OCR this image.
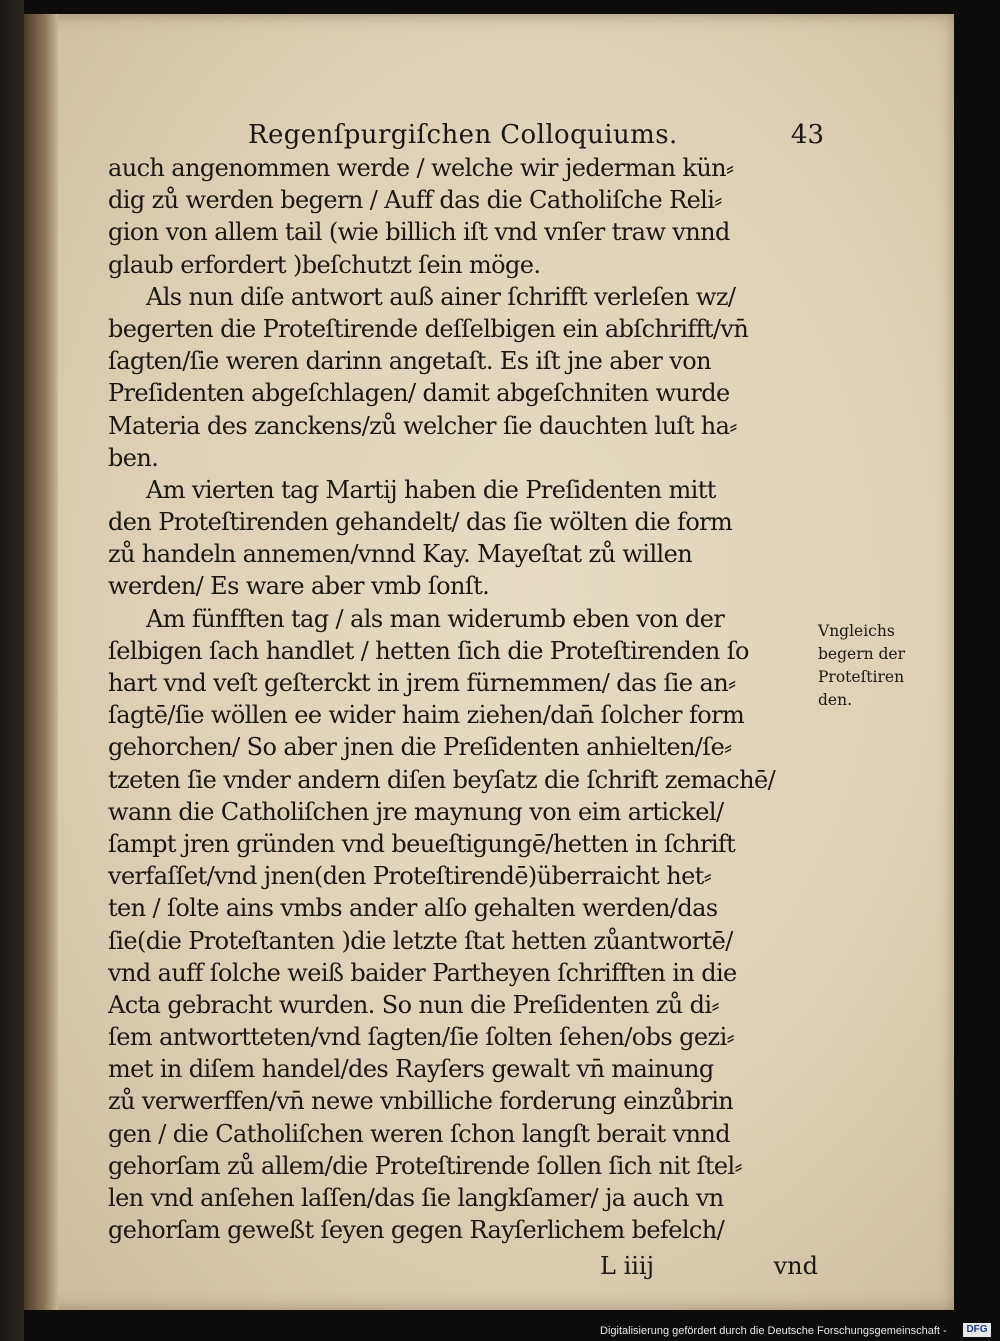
Regenſpurgiſchen Colloquiums.	43
auch angenommen werde / welche wir jederman kün⸗
dig zů werden begern / Auff das die Catholiſche Reli⸗
gion von allem tail (wie billich iſt vnd vnſer traw vnnd
glaub erfordert )beſchutzt ſein möge.
Als nun diſe antwort auß ainer ſchrifft verleſen wz/
begerten die Proteſtirende deſſelbigen ein abſchrifft/vn̄
ſagten/ſie weren darinn angetaſt. Es iſt jne aber von
Preſidenten abgeſchlagen/ damit abgeſchniten wurde
Materia des zanckens/zů welcher ſie dauchten luſt ha⸗
ben.
Am vierten tag Martij haben die Preſidenten mitt
den Proteſtirenden gehandelt/ das ſie wölten die form
zů handeln annemen/vnnd Kay. Mayeſtat zů willen
werden/ Es ware aber vmb ſonſt.
Am fünfften tag / als man widerumb eben von der
ſelbigen ſach handlet / hetten ſich die Proteſtirenden ſo
hart vnd veſt geſterckt in jrem fürnemmen/ das ſie an⸗
ſagtē/ſie wöllen ee wider haim ziehen/dan̄ ſolcher form
gehorchen/ So aber jnen die Preſidenten anhielten/ſe⸗
tzeten ſie vnder andern diſen beyſatz die ſchrift zemachē/
wann die Catholiſchen jre maynung von eim artickel/
ſampt jren gründen vnd beueſtigungē/hetten in ſchrift
verfaſſet/vnd jnen(den Proteſtirendē)überraicht het⸗
ten / ſolte ains vmbs ander alſo gehalten werden/das
ſie(die Proteſtanten )die letzte ſtat hetten zůantwortē/
vnd auff ſolche weiß baider Partheyen ſchrifften in die
Acta gebracht wurden. So nun die Preſidenten zů di⸗
ſem antwortteten/vnd ſagten/ſie ſolten ſehen/obs gezi⸗
met in diſem handel/des Rayſers gewalt vn̄ mainung
zů verwerffen/vn̄ newe vnbilliche forderung einzůbrin
gen / die Catholiſchen weren ſchon langſt berait vnnd
gehorſam zů allem/die Proteſtirende ſollen ſich nit ſtel⸗
len vnd anſehen laſſen/das ſie langkſamer/ ja auch vn
gehorſam geweßt ſeyen gegen Rayſerlichem befelch/
Vngleichs
begern der
Proteſtiren
den.
L iiij	vnd
Digitalisierung gefördert durch die Deutsche Forschungsgemeinschaft -	DFG
